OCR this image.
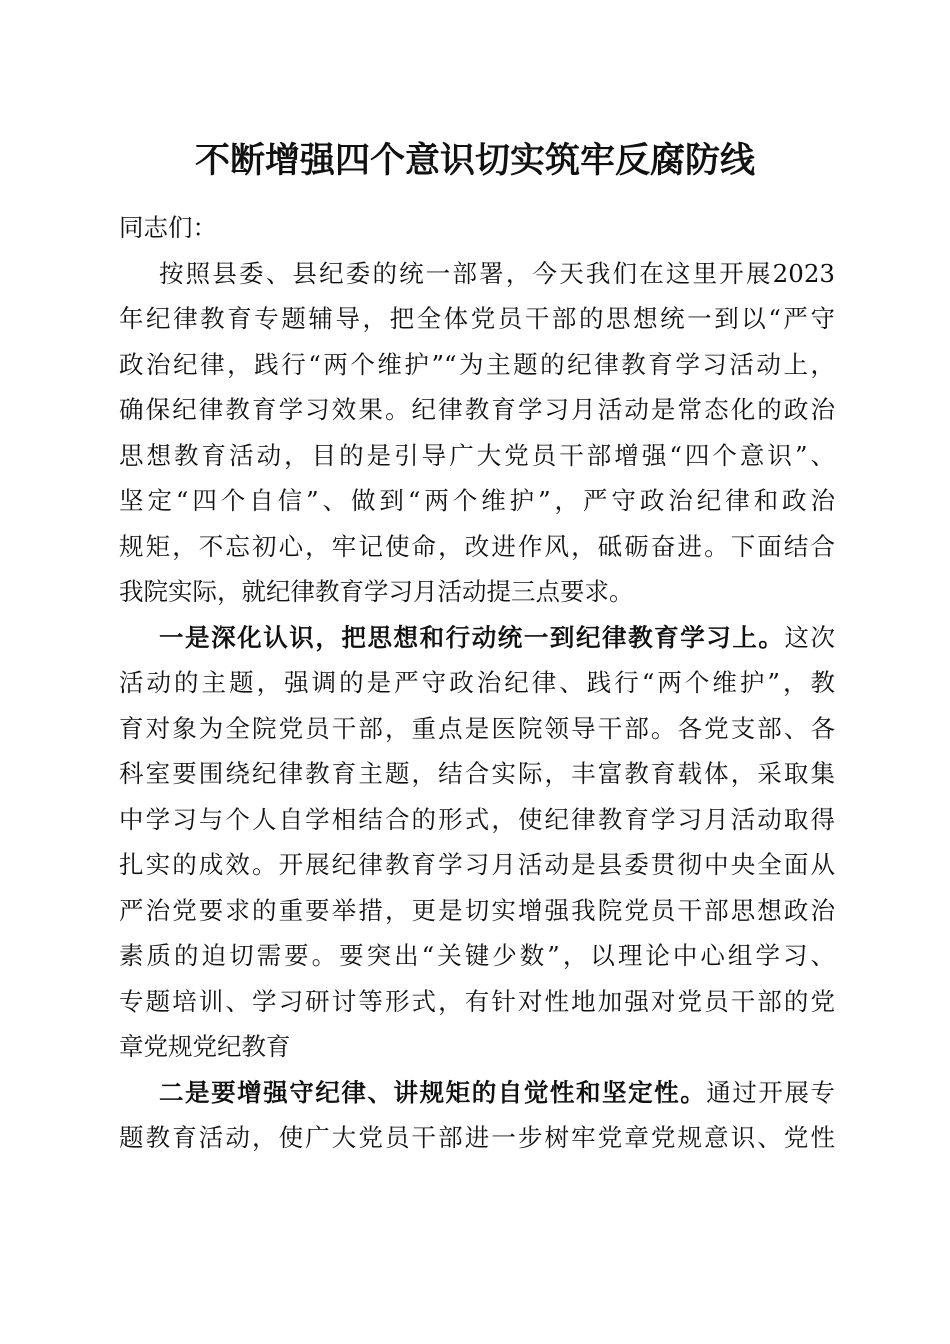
不断增强四个意识切实筑牢反腐防线
同志们：
按照县委、县纪委的统一部署，今天我们在这里开展2023
年纪律教育专题辅导，把全体党员干部的思想统一到以“严守
政治纪律，践行“两个维护”“为主题的纪律教育学习活动上，
确保纪律教育学习效果。纪律教育学习月活动是常态化的政治
思想教育活动，目的是引导广大党员干部增强“四个意识”、
坚定“四个自信”、做到“两个维护”，严守政治纪律和政治
规矩，不忘初心，牢记使命，改进作风，砥砺奋进。下面结合
我院实际，就纪律教育学习月活动提三点要求。
一是深化认识，把思想和行动统一到纪律教育学习上。这次
活动的主题，强调的是严守政治纪律、践行“两个维护”，教
育对象为全院党员干部，重点是医院领导干部。各党支部、各
科室要围绕纪律教育主题，结合实际，丰富教育载体，采取集
中学习与个人自学相结合的形式，使纪律教育学习月活动取得
扎实的成效。开展纪律教育学习月活动是县委贯彻中央全面从
严治党要求的重要举措，更是切实增强我院党员干部思想政治
素质的迫切需要。要突出“关键少数”，以理论中心组学习、
专题培训、学习研讨等形式，有针对性地加强对党员干部的党
章党规党纪教育
二是要增强守纪律、讲规矩的自觉性和坚定性。通过开展专
题教育活动，使广大党员干部进一步树牢党章党规意识、党性
